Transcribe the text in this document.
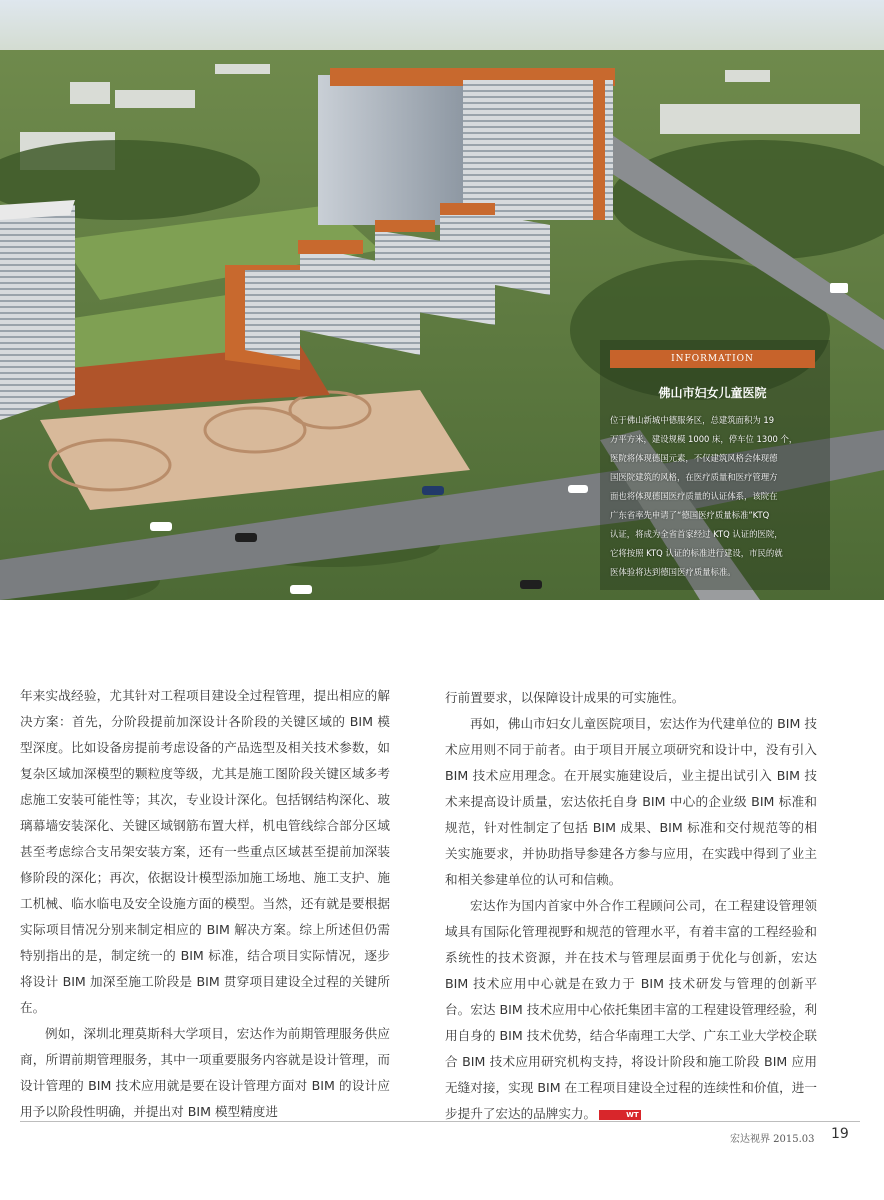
INFORMATION
佛山市妇女儿童医院
位于佛山新城中德服务区，总建筑面积为 19
万平方米，建设规模 1000 床，停车位 1300 个，
医院将体现德国元素，不仅建筑风格会体现德
国医院建筑的风格，在医疗质量和医疗管理方
面也将体现德国医疗质量的认证体系，该院在
广东省率先申请了“德国医疗质量标准”KTQ
认证，将成为全省首家经过 KTQ 认证的医院，
它将按照 KTQ 认证的标准进行建设，市民的就
医体验将达到德国医疗质量标准。

年来实战经验，尤其针对工程项目建设全过程管理，提出相应的解决方案：首先，分阶段提前加深设计各阶段的关键区域的 BIM 模型深度。比如设备房提前考虑设备的产品选型及相关技术参数，如复杂区域加深模型的颗粒度等级，尤其是施工图阶段关键区域多考虑施工安装可能性等；其次，专业设计深化。包括钢结构深化、玻璃幕墙安装深化、关键区域钢筋布置大样，机电管线综合部分区域甚至考虑综合支吊架安装方案，还有一些重点区域甚至提前加深装修阶段的深化；再次，依据设计模型添加施工场地、施工支护、施工机械、临水临电及安全设施方面的模型。当然，还有就是要根据实际项目情况分别来制定相应的 BIM 解决方案。综上所述但仍需特别指出的是，制定统一的 BIM 标准，结合项目实际情况，逐步将设计 BIM 加深至施工阶段是 BIM 贯穿项目建设全过程的关键所在。

例如，深圳北理莫斯科大学项目，宏达作为前期管理服务供应商，所谓前期管理服务，其中一项重要服务内容就是设计管理，而设计管理的 BIM 技术应用就是要在设计管理方面对 BIM 的设计应用予以阶段性明确，并提出对 BIM 模型精度进

行前置要求，以保障设计成果的可实施性。

再如，佛山市妇女儿童医院项目，宏达作为代建单位的 BIM 技术应用则不同于前者。由于项目开展立项研究和设计中，没有引入 BIM 技术应用理念。在开展实施建设后，业主提出试引入 BIM 技术来提高设计质量，宏达依托自身 BIM 中心的企业级 BIM 标准和规范，针对性制定了包括 BIM 成果、BIM 标准和交付规范等的相关实施要求，并协助指导参建各方参与应用，在实践中得到了业主和相关参建单位的认可和信赖。

宏达作为国内首家中外合作工程顾问公司，在工程建设管理领域具有国际化管理视野和规范的管理水平，有着丰富的工程经验和系统性的技术资源，并在技术与管理层面勇于优化与创新，宏达 BIM 技术应用中心就是在致力于 BIM 技术研发与管理的创新平台。宏达 BIM 技术应用中心依托集团丰富的工程建设管理经验，利用自身的 BIM 技术优势，结合华南理工大学、广东工业大学校企联合 BIM 技术应用研究机构支持，将设计阶段和施工阶段 BIM 应用无缝对接，实现 BIM 在工程项目建设全过程的连续性和价值，进一步提升了宏达的品牌实力。	WT

宏达视界 2015.03 19
